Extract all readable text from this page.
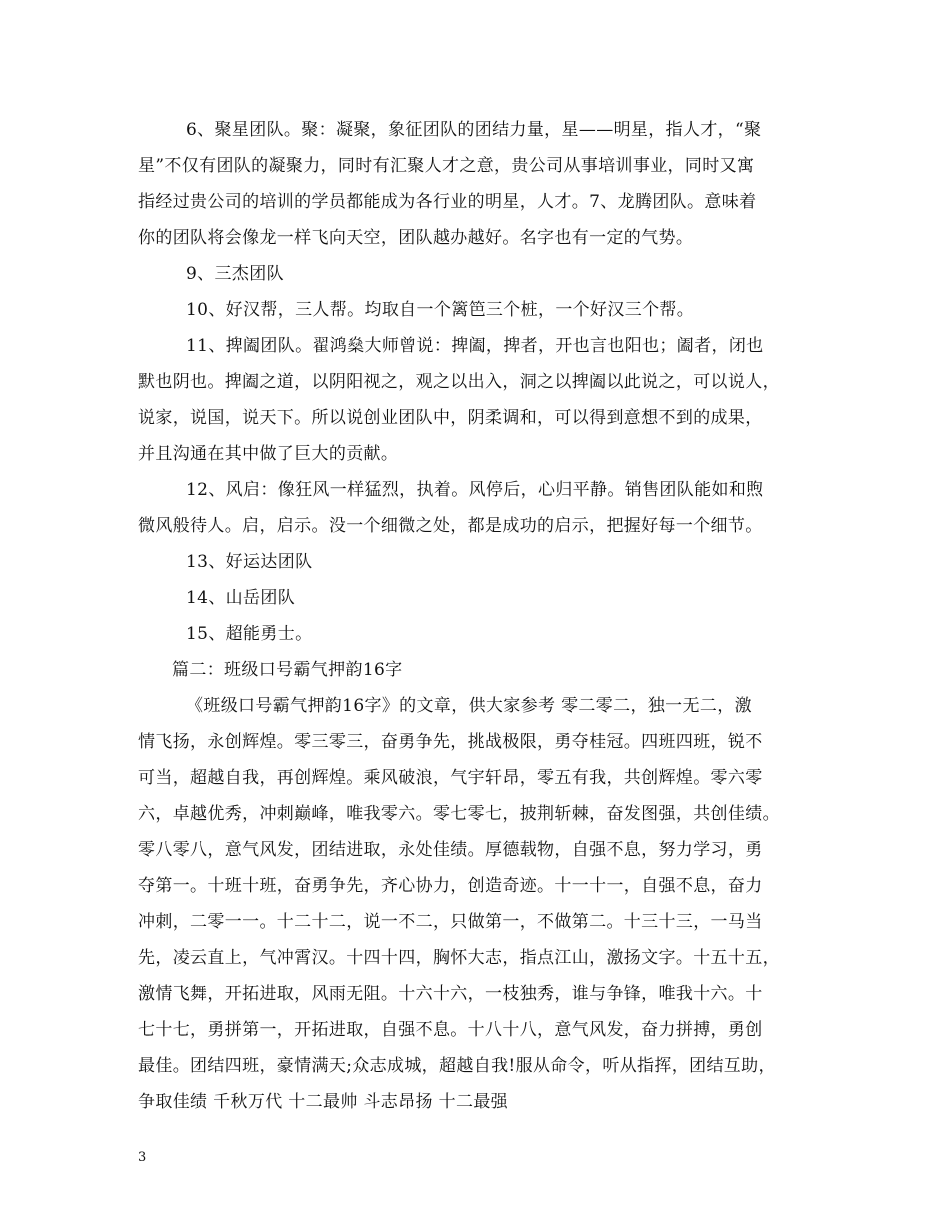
6、聚星团队。聚：凝聚，象征团队的团结力量，星——明星，指人才，“聚
星”不仅有团队的凝聚力，同时有汇聚人才之意，贵公司从事培训事业，同时又寓
指经过贵公司的培训的学员都能成为各行业的明星，人才。7、龙腾团队。意味着
你的团队将会像龙一样飞向天空，团队越办越好。名字也有一定的气势。
9、三杰团队
10、好汉帮，三人帮。均取自一个篱笆三个桩，一个好汉三个帮。
11、捭阖团队。翟鸿燊大师曾说：捭阖，捭者，开也言也阳也；阖者，闭也
默也阴也。捭阖之道，以阴阳视之，观之以出入，洞之以捭阖以此说之，可以说人，
说家，说国，说天下。所以说创业团队中，阴柔调和，可以得到意想不到的成果，
并且沟通在其中做了巨大的贡献。
12、风启：像狂风一样猛烈，执着。风停后，心归平静。销售团队能如和煦
微风般待人。启，启示。没一个细微之处，都是成功的启示，把握好每一个细节。
13、好运达团队
14、山岳团队
15、超能勇士。
篇二：班级口号霸气押韵16字
《班级口号霸气押韵16字》的文章，供大家参考 零二零二，独一无二，激
情飞扬，永创辉煌。零三零三，奋勇争先，挑战极限，勇夺桂冠。四班四班，锐不
可当，超越自我，再创辉煌。乘风破浪，气宇轩昂，零五有我，共创辉煌。零六零
六，卓越优秀，冲刺巅峰，唯我零六。零七零七，披荆斩棘，奋发图强，共创佳绩。
零八零八，意气风发，团结进取，永处佳绩。厚德载物，自强不息，努力学习，勇
夺第一。十班十班，奋勇争先，齐心协力，创造奇迹。十一十一，自强不息，奋力
冲刺，二零一一。十二十二，说一不二，只做第一，不做第二。十三十三，一马当
先，凌云直上，气冲霄汉。十四十四，胸怀大志，指点江山，激扬文字。十五十五，
激情飞舞，开拓进取，风雨无阻。十六十六，一枝独秀，谁与争锋，唯我十六。十
七十七，勇拼第一，开拓进取，自强不息。十八十八，意气风发，奋力拼搏，勇创
最佳。团结四班，豪情满天;众志成城，超越自我!服从命令，听从指挥，团结互助，
争取佳绩 千秋万代 十二最帅 斗志昂扬 十二最强
3
